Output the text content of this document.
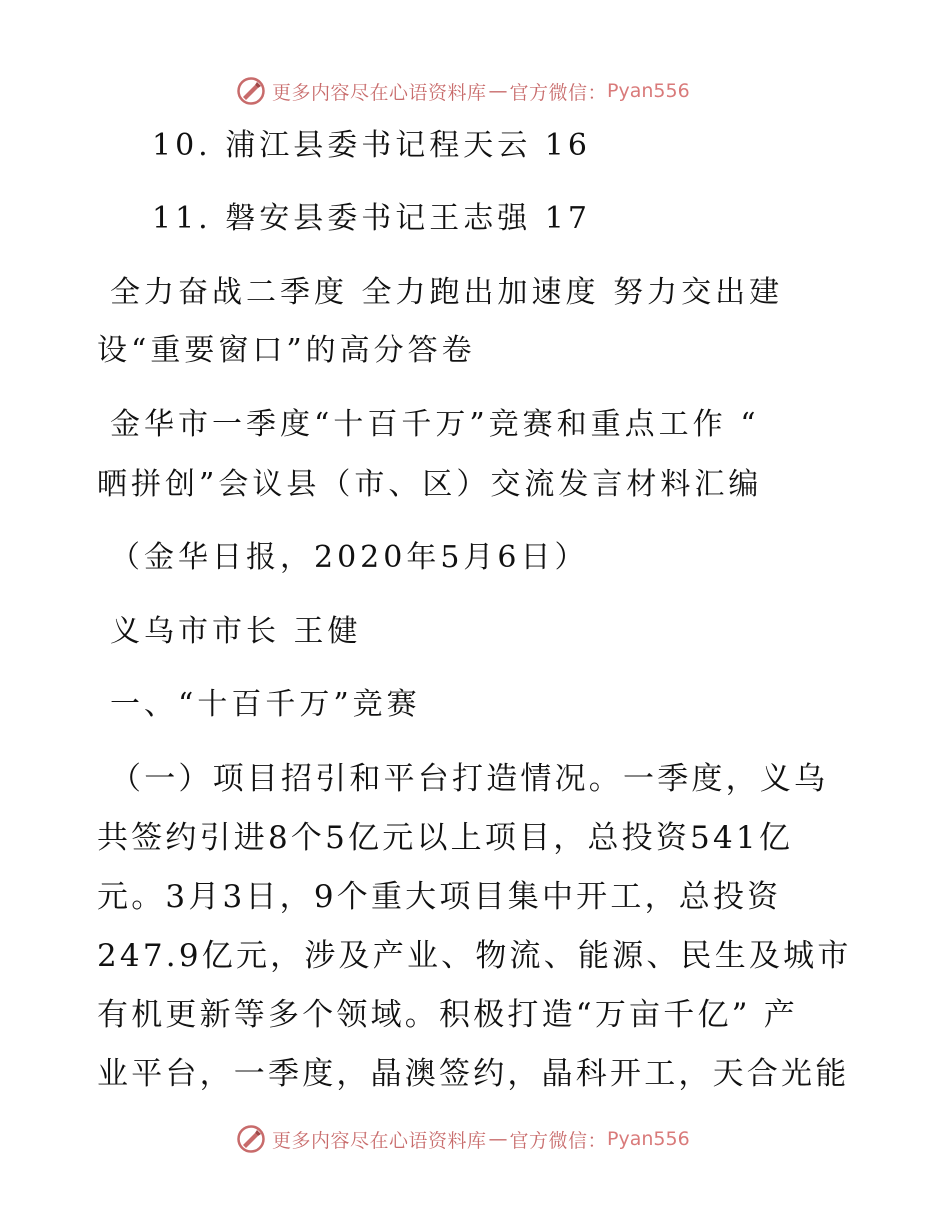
更多内容尽在心语资料库 — 官方微信： Pyan556
10. 浦江县委书记程天云 16
11. 磐安县委书记王志强 17
全力奋战二季度 全力跑出加速度 努力交出建
设“重要窗口”的高分答卷
金华市一季度“十百千万”竞赛和重点工作 “
晒拼创”会议县（市、区）交流发言材料汇编
（金华日报，2020年5月6日）
义乌市市长 王健
一、“十百千万”竞赛
（一）项目招引和平台打造情况。一季度，义乌
共签约引进8个5亿元以上项目，总投资541亿
元。3月3日，9个重大项目集中开工，总投资
247.9亿元，涉及产业、物流、能源、民生及城市
有机更新等多个领域。积极打造“万亩千亿” 产
业平台，一季度，晶澳签约，晶科开工，天合光能
更多内容尽在心语资料库 — 官方微信： Pyan556
